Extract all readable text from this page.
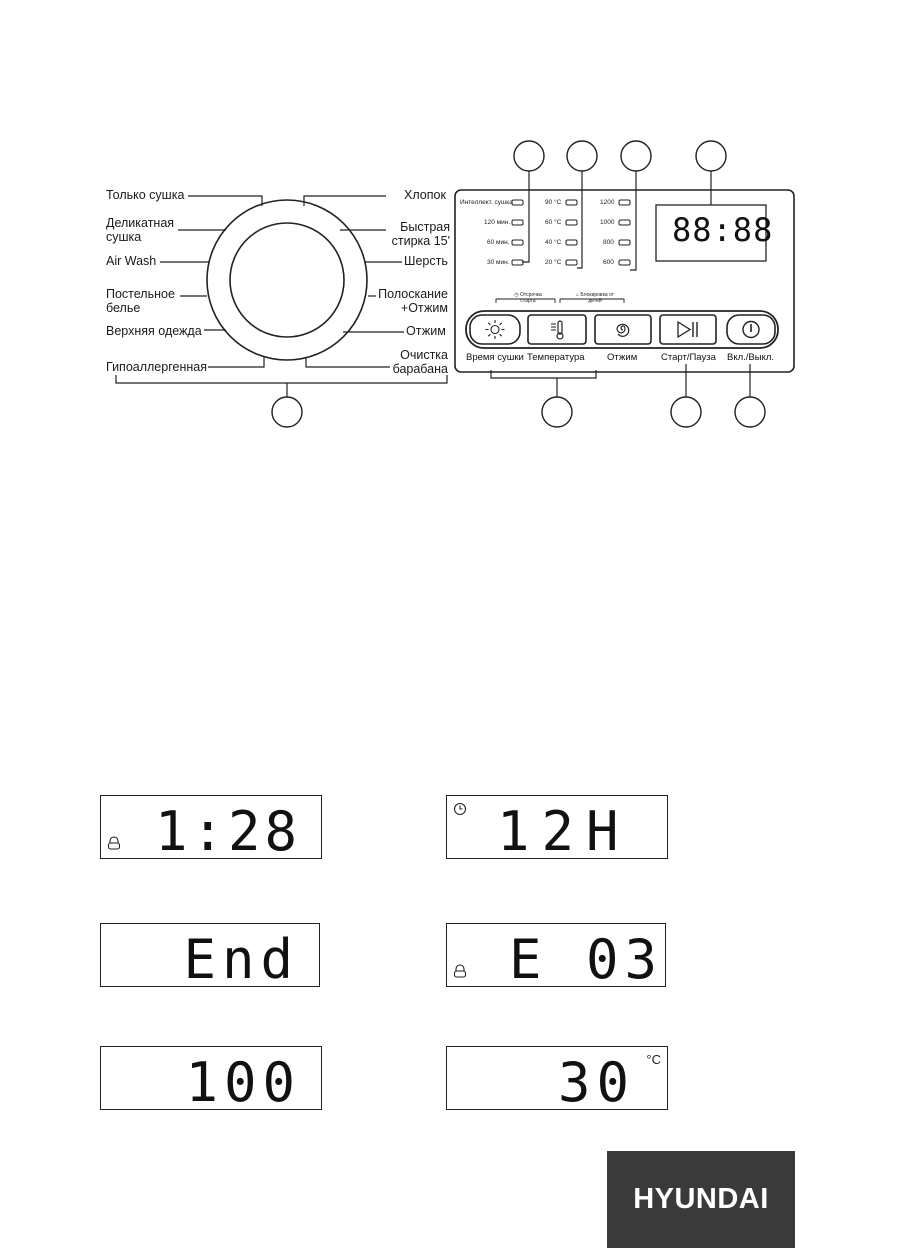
Только сушка
Деликатная сушка
Air Wash
Постельное белье
Верхняя одежда
Гипоаллергенная
Хлопок
Быстрая стирка 15'
Шерсть
Полоскание +Отжим
Отжим
Очистка барабана
Интеллект. сушка
120 мин.
60 мин.
30 мин.
90 °C
60 °C
40 °C
20 °C
1200
1000
800
600
88:88
◷ Отсрочка старта
⌂ Блокировка от детей
Время сушки Температура Отжим	Старт/Пауза Вкл./Выкл.
1:28	12H
End	E 03
100	30 °C
HYUNDAI
